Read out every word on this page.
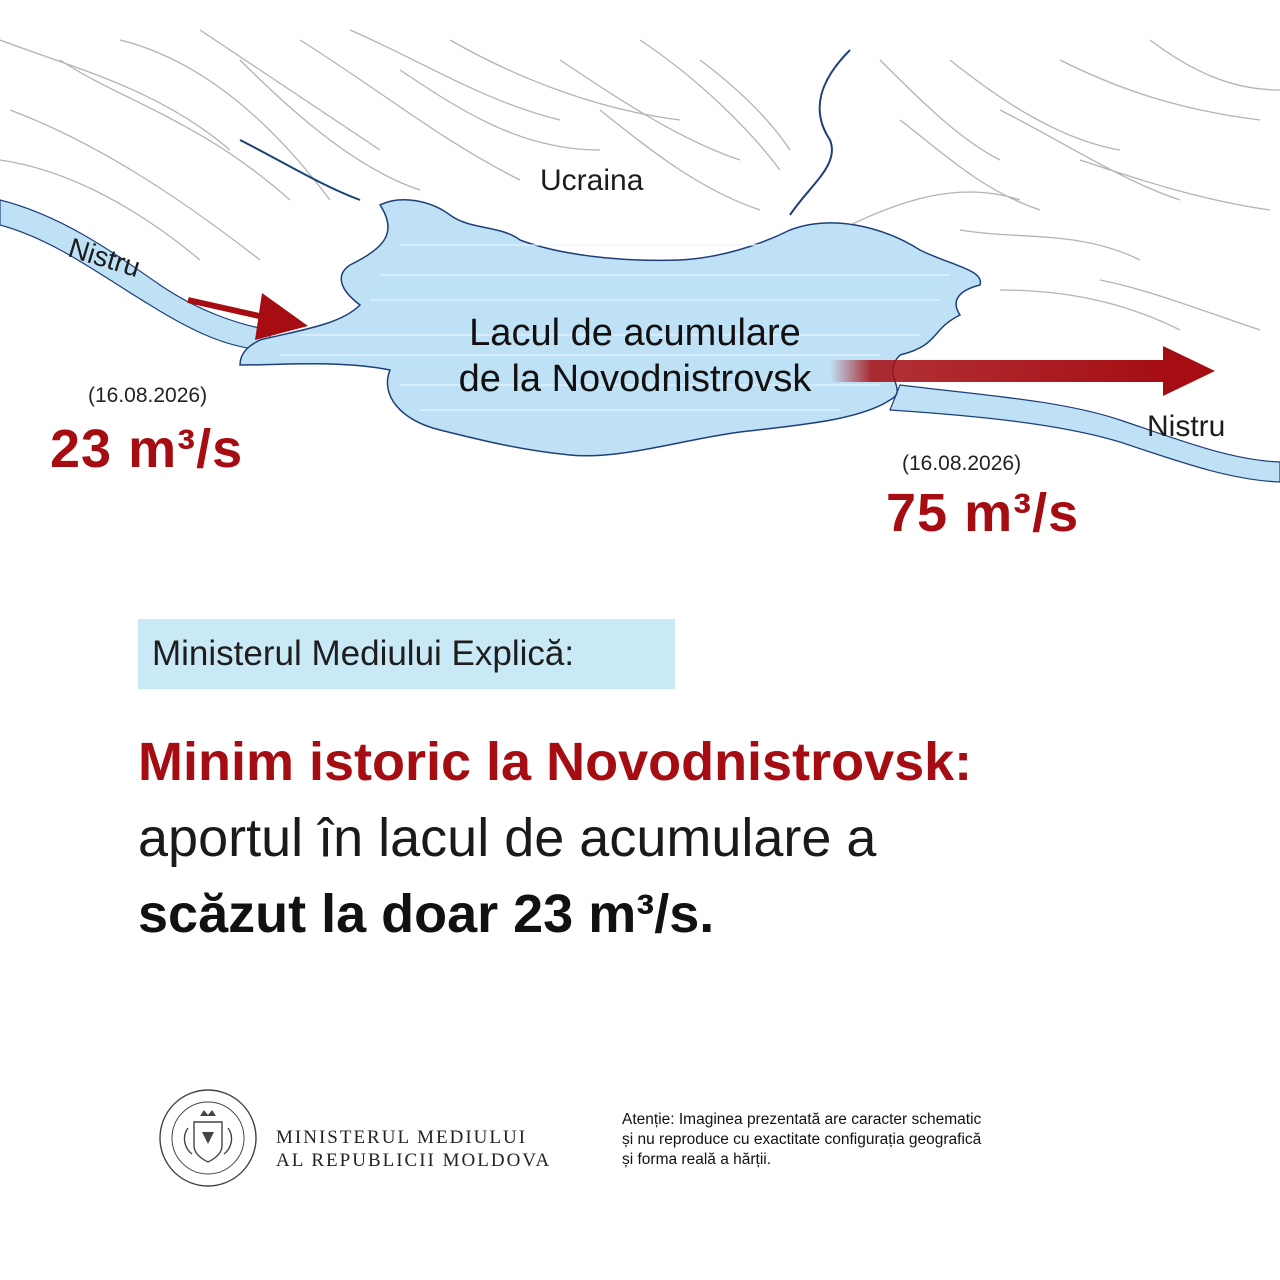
Ucraina
Nistru
Nistru
Lacul de acumulare
de la Novodnistrovsk
(16.08.2026)
23 m³/s	(16.08.2026)
75 m³/s
Ministerul Mediului Explică:
Minim istoric la Novodnistrovsk:
aportul în lacul de acumulare a
scăzut la doar 23 m³/s.
MINISTERUL MEDIULUI
AL REPUBLICII MOLDOVA
Atenție: Imaginea prezentată are caracter schematic
și nu reproduce cu exactitate configurația geografică
și forma reală a hărții.
